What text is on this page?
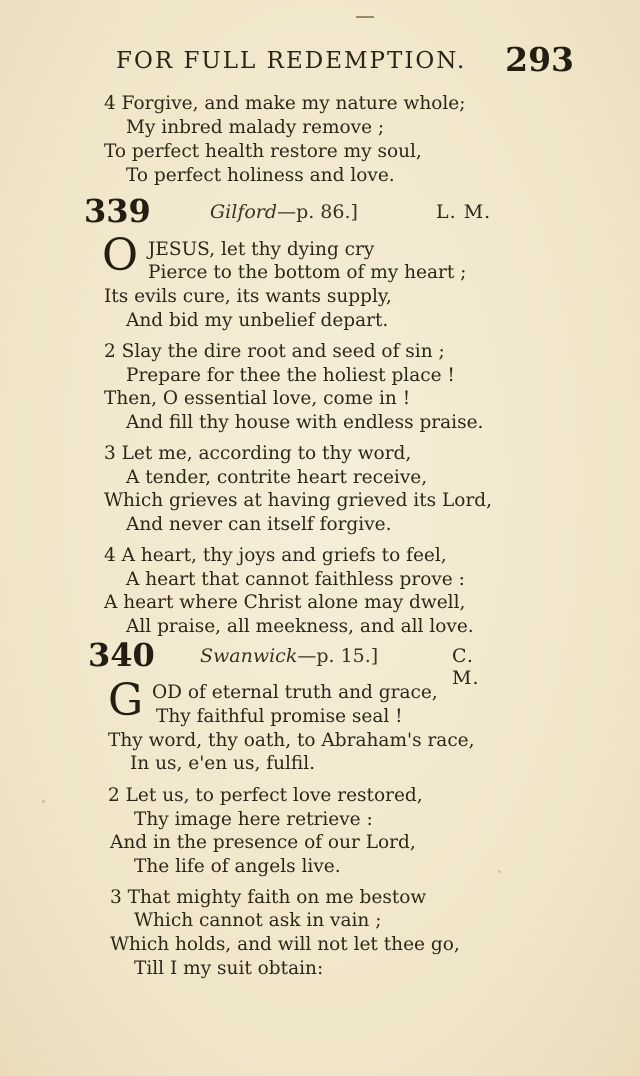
FOR FULL REDEMPTION. 293
4 Forgive, and make my nature whole;
My inbred malady remove ;
To perfect health restore my soul,
To perfect holiness and love.
339	Gilford—p. 86.]	L. M.
O JESUS, let thy dying cry
Pierce to the bottom of my heart ;
Its evils cure, its wants supply,
And bid my unbelief depart.
2 Slay the dire root and seed of sin ;
Prepare for thee the holiest place !
Then, O essential love, come in !
And fill thy house with endless praise.
3 Let me, according to thy word,
A tender, contrite heart receive,
Which grieves at having grieved its Lord,
And never can itself forgive.
4 A heart, thy joys and griefs to feel,
A heart that cannot faithless prove :
A heart where Christ alone may dwell,
All praise, all meekness, and all love.
340 Swanwick—p. 15.]	C. M.
G OD of eternal truth and grace,
Thy faithful promise seal !
Thy word, thy oath, to Abraham's race,
In us, e'en us, fulfil.
2 Let us, to perfect love restored,
Thy image here retrieve :
And in the presence of our Lord,
The life of angels live.
3 That mighty faith on me bestow
Which cannot ask in vain ;
Which holds, and will not let thee go,
Till I my suit obtain:
